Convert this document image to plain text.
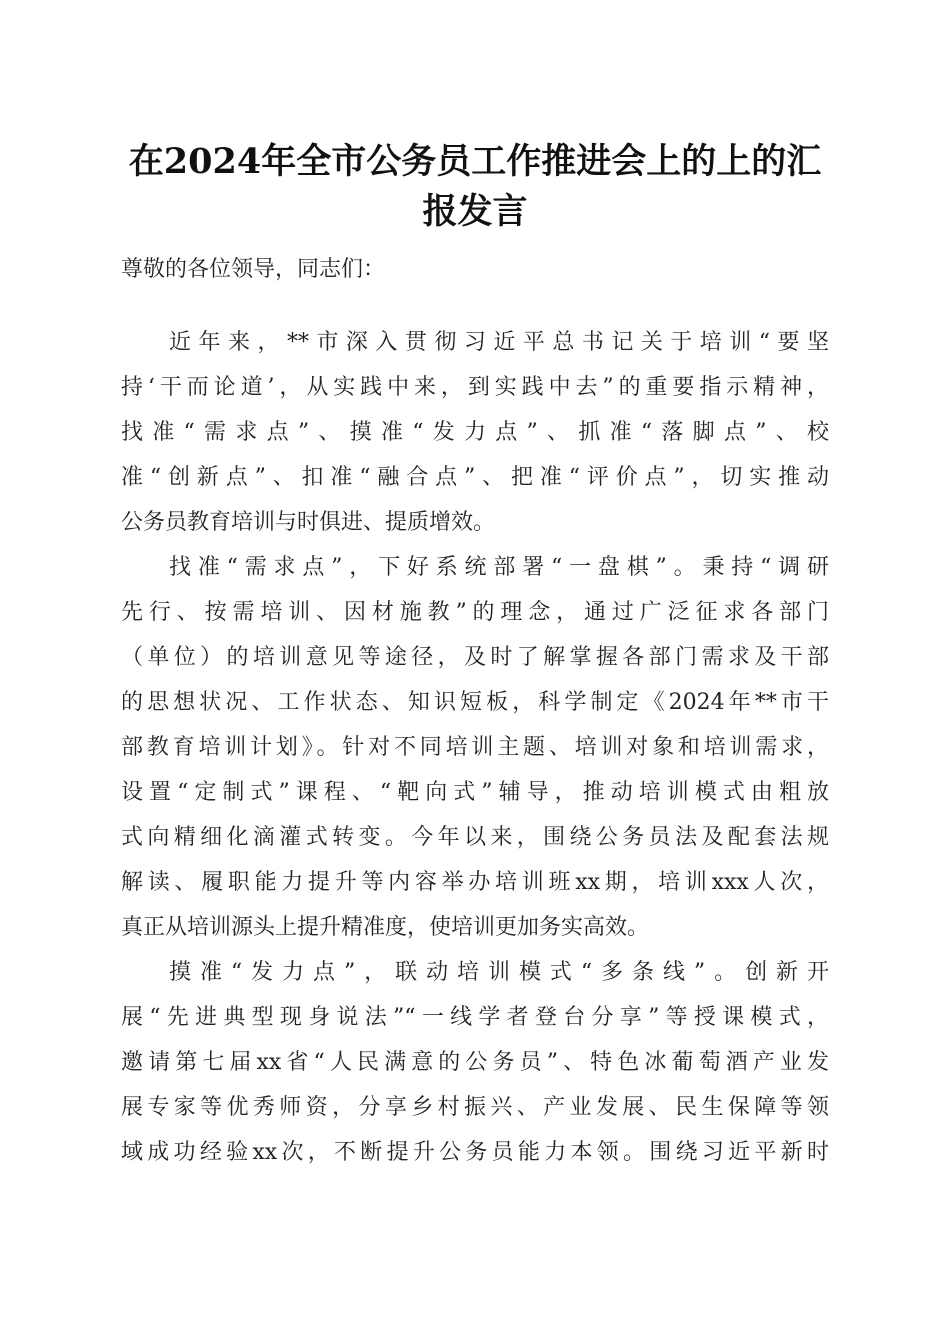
在2024年全市公务员工作推进会上的上的汇
报发言
尊敬的各位领导，同志们：
近年来，**市深入贯彻习近平总书记关于培训“要坚
持‘干而论道’，从实践中来，到实践中去”的重要指示精神，
找准“需求点”、摸准“发力点”、抓准“落脚点”、校
准“创新点”、扣准“融合点”、把准“评价点”，切实推动
公务员教育培训与时俱进、提质增效。
找准“需求点”，下好系统部署“一盘棋”。秉持“调研
先行、按需培训、因材施教”的理念，通过广泛征求各部门
（单位）的培训意见等途径，及时了解掌握各部门需求及干部
的思想状况、工作状态、知识短板，科学制定《2024年**市干
部教育培训计划》。针对不同培训主题、培训对象和培训需求，
设置“定制式”课程、“靶向式”辅导，推动培训模式由粗放
式向精细化滴灌式转变。今年以来，围绕公务员法及配套法规
解读、履职能力提升等内容举办培训班xx期，培训xxx人次，
真正从培训源头上提升精准度，使培训更加务实高效。
摸准“发力点”，联动培训模式“多条线”。创新开
展“先进典型现身说法”“一线学者登台分享”等授课模式，
邀请第七届xx省“人民满意的公务员”、特色冰葡萄酒产业发
展专家等优秀师资，分享乡村振兴、产业发展、民生保障等领
域成功经验xx次，不断提升公务员能力本领。围绕习近平新时
